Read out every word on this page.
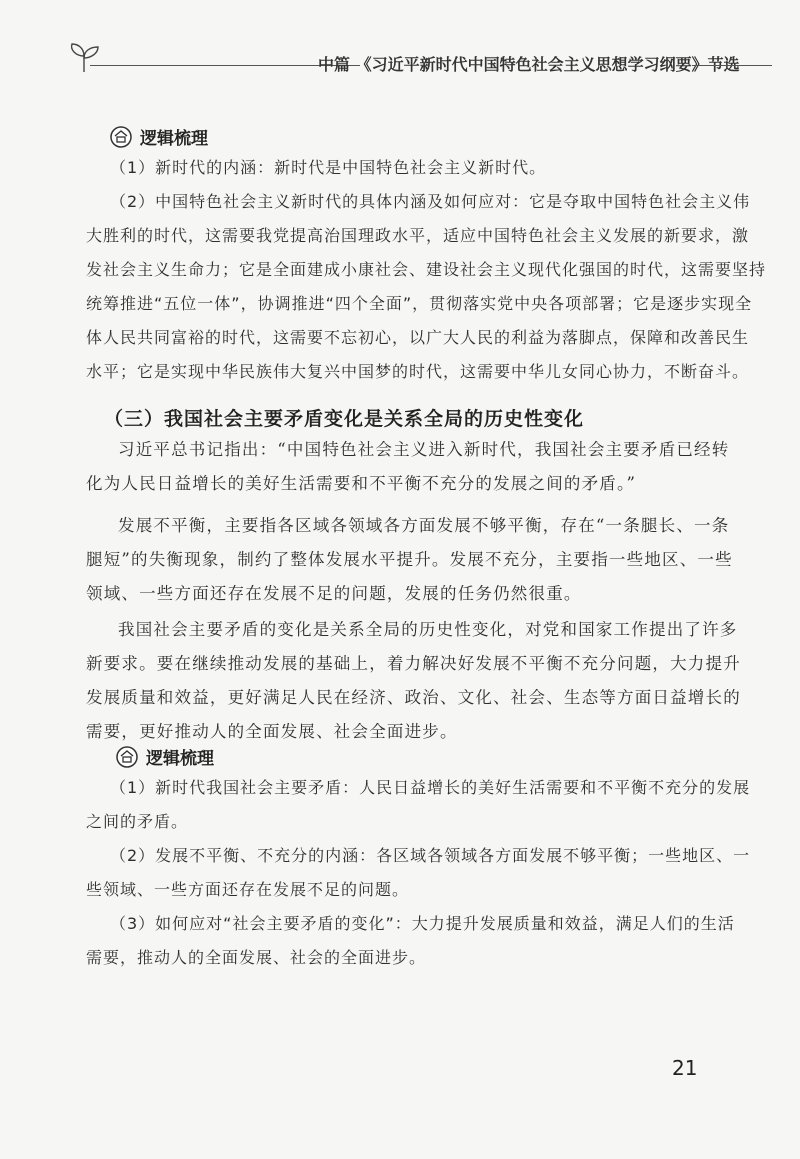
中篇 《习近平新时代中国特色社会主义思想学习纲要》节选
逻辑梳理
（1）新时代的内涵：新时代是中国特色社会主义新时代。
（2）中国特色社会主义新时代的具体内涵及如何应对：它是夺取中国特色社会主义伟
大胜利的时代，这需要我党提高治国理政水平，适应中国特色社会主义发展的新要求，激
发社会主义生命力；它是全面建成小康社会、建设社会主义现代化强国的时代，这需要坚持
统筹推进“五位一体”，协调推进“四个全面”，贯彻落实党中央各项部署；它是逐步实现全
体人民共同富裕的时代，这需要不忘初心，以广大人民的利益为落脚点，保障和改善民生
水平；它是实现中华民族伟大复兴中国梦的时代，这需要中华儿女同心协力，不断奋斗。
（三）我国社会主要矛盾变化是关系全局的历史性变化
习近平总书记指出：“中国特色社会主义进入新时代，我国社会主要矛盾已经转
化为人民日益增长的美好生活需要和不平衡不充分的发展之间的矛盾。”
发展不平衡，主要指各区域各领域各方面发展不够平衡，存在“一条腿长、一条
腿短”的失衡现象，制约了整体发展水平提升。发展不充分，主要指一些地区、一些
领域、一些方面还存在发展不足的问题，发展的任务仍然很重。
我国社会主要矛盾的变化是关系全局的历史性变化，对党和国家工作提出了许多
新要求。要在继续推动发展的基础上，着力解决好发展不平衡不充分问题，大力提升
发展质量和效益，更好满足人民在经济、政治、文化、社会、生态等方面日益增长的
需要，更好推动人的全面发展、社会全面进步。
逻辑梳理
（1）新时代我国社会主要矛盾：人民日益增长的美好生活需要和不平衡不充分的发展
之间的矛盾。
（2）发展不平衡、不充分的内涵：各区域各领域各方面发展不够平衡；一些地区、一
些领域、一些方面还存在发展不足的问题。
（3）如何应对“社会主要矛盾的变化”：大力提升发展质量和效益，满足人们的生活
需要，推动人的全面发展、社会的全面进步。
21
